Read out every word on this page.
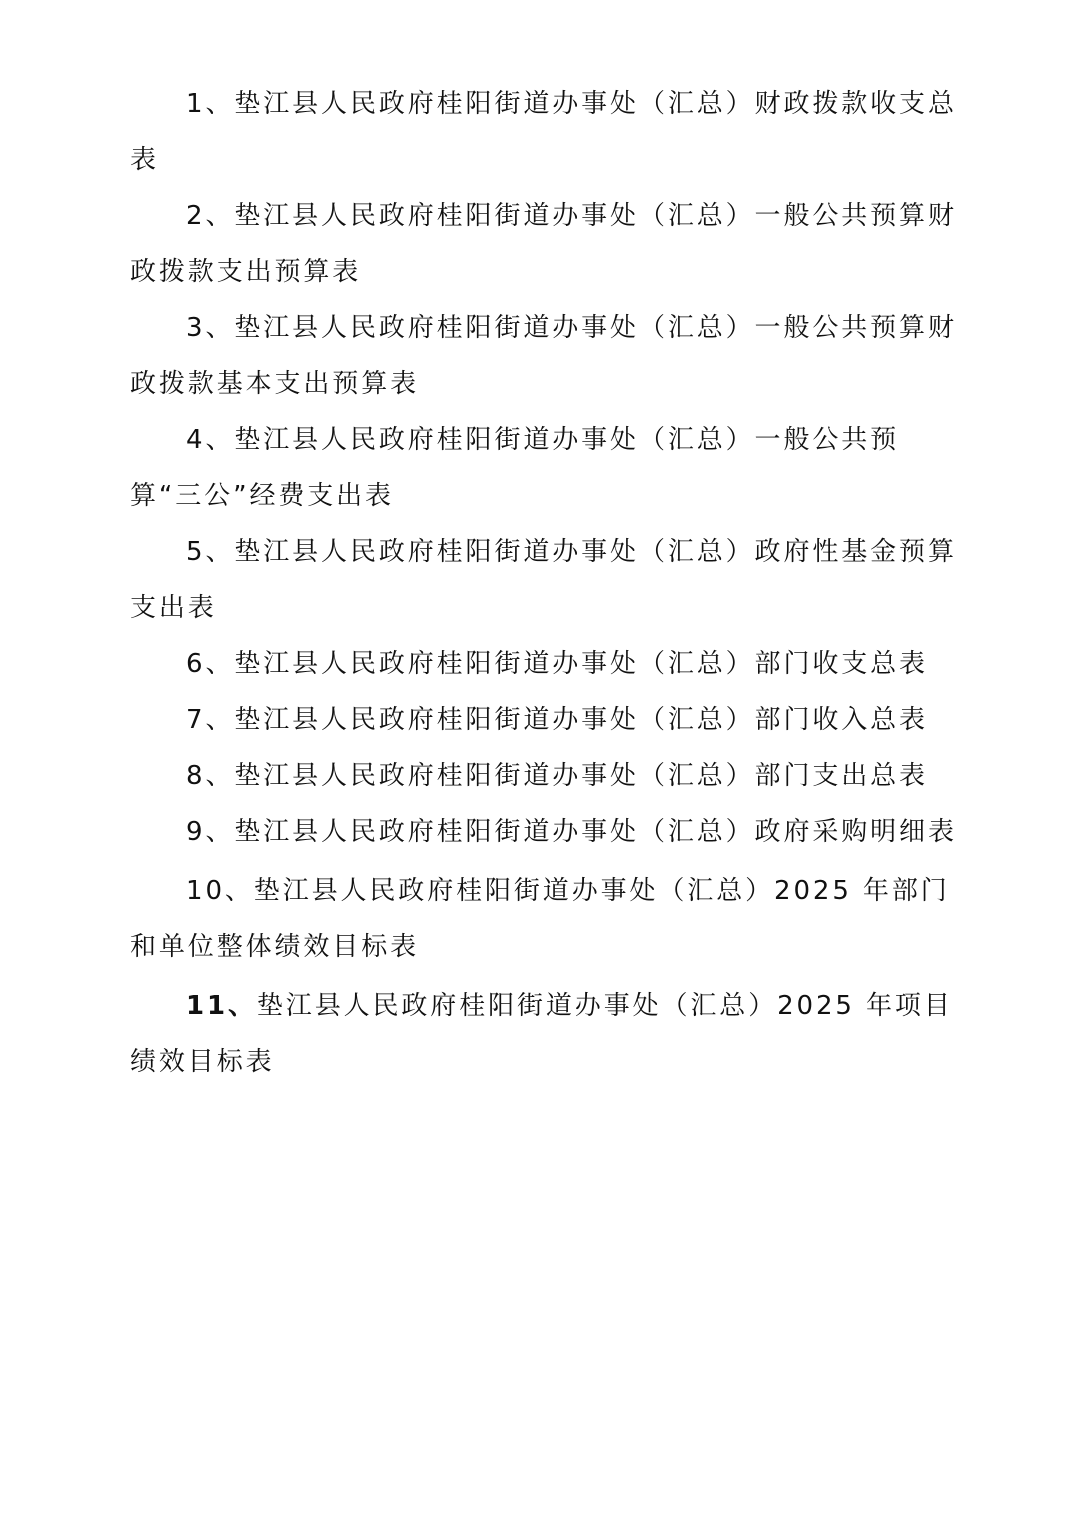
1、垫江县人民政府桂阳街道办事处（汇总）财政拨款收支总表

2、垫江县人民政府桂阳街道办事处（汇总）一般公共预算财政拨款支出预算表

3、垫江县人民政府桂阳街道办事处（汇总）一般公共预算财政拨款基本支出预算表

4、垫江县人民政府桂阳街道办事处（汇总）一般公共预算“三公”经费支出表

5、垫江县人民政府桂阳街道办事处（汇总）政府性基金预算支出表

6、垫江县人民政府桂阳街道办事处（汇总）部门收支总表

7、垫江县人民政府桂阳街道办事处（汇总）部门收入总表

8、垫江县人民政府桂阳街道办事处（汇总）部门支出总表

9、垫江县人民政府桂阳街道办事处（汇总）政府采购明细表

10、垫江县人民政府桂阳街道办事处（汇总）2025 年部门和单位整体绩效目标表

11、垫江县人民政府桂阳街道办事处（汇总）2025 年项目绩效目标表
